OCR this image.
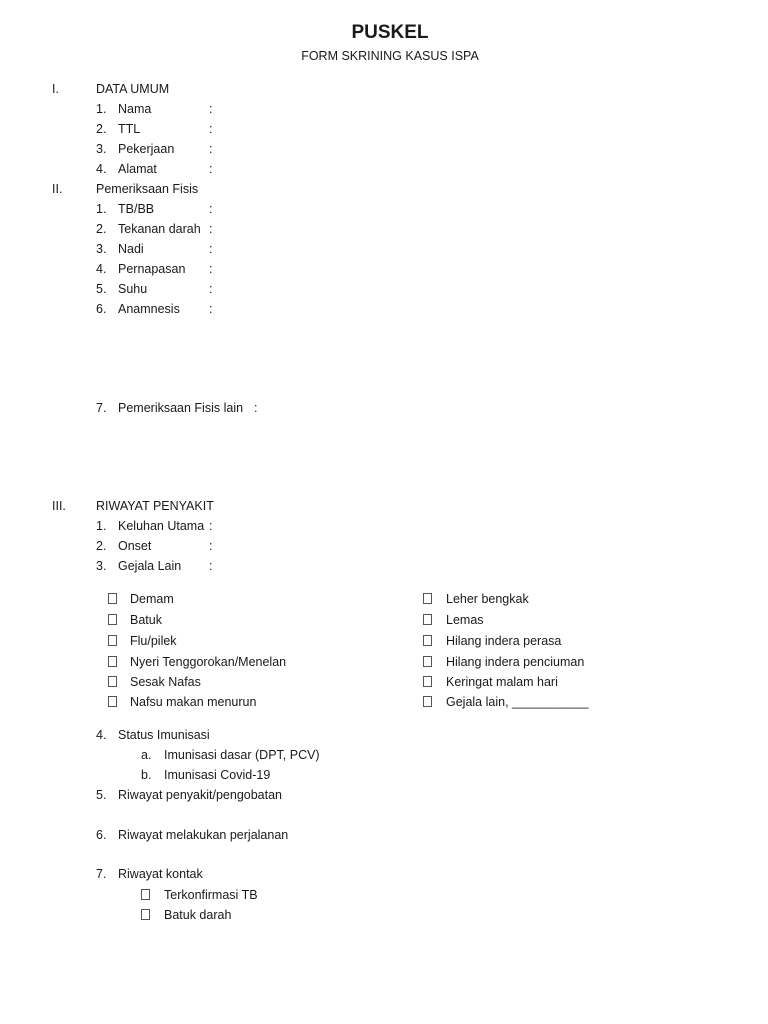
PUSKEL
FORM SKRINING KASUS ISPA
I.	DATA UMUM
1. Nama	:
2. TTL	:
3. Pekerjaan	:
4. Alamat	:
II.	Pemeriksaan Fisis
1. TB/BB	:
2. Tekanan darah :
3. Nadi	:
4. Pernapasan :
5. Suhu	:
6. Anamnesis :
7. Pemeriksaan Fisis lain :
III. RIWAYAT PENYAKIT
1. Keluhan Utama :
2. Onset	:
3. Gejala Lain :
Demam
Batuk
Flu/pilek
Nyeri Tenggorokan/Menelan
Sesak Nafas
Nafsu makan menurun
Leher bengkak
Lemas
Hilang indera perasa
Hilang indera penciuman
Keringat malam hari
Gejala lain, ___________
4. Status Imunisasi
a. Imunisasi dasar (DPT, PCV)
b. Imunisasi Covid-19
5. Riwayat penyakit/pengobatan
6. Riwayat melakukan perjalanan
7. Riwayat kontak
Terkonfirmasi TB
Batuk darah
